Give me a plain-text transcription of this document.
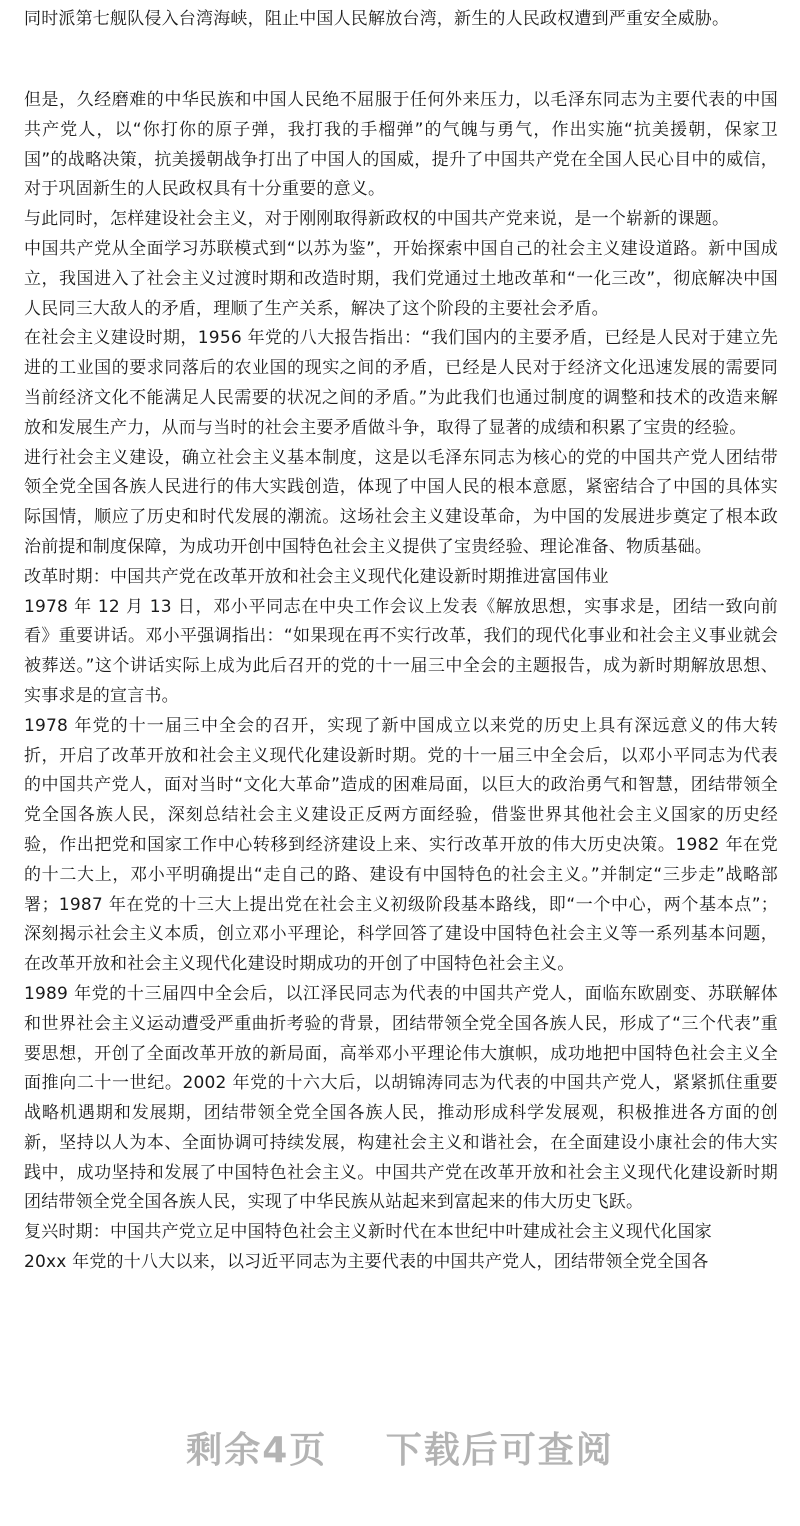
同时派第七舰队侵入台湾海峡，阻止中国人民解放台湾，新生的人民政权遭到严重安全威胁。

但是，久经磨难的中华民族和中国人民绝不屈服于任何外来压力，以毛泽东同志为主要代表的中国共产党人，以“你打你的原子弹，我打我的手榴弹”的气魄与勇气，作出实施“抗美援朝，保家卫国”的战略决策，抗美援朝战争打出了中国人的国威，提升了中国共产党在全国人民心目中的威信，对于巩固新生的人民政权具有十分重要的意义。

与此同时，怎样建设社会主义，对于刚刚取得新政权的中国共产党来说，是一个崭新的课题。

中国共产党从全面学习苏联模式到“以苏为鉴”，开始探索中国自己的社会主义建设道路。新中国成立，我国进入了社会主义过渡时期和改造时期，我们党通过土地改革和“一化三改”，彻底解决中国人民同三大敌人的矛盾，理顺了生产关系，解决了这个阶段的主要社会矛盾。

在社会主义建设时期，1956 年党的八大报告指出：“我们国内的主要矛盾，已经是人民对于建立先进的工业国的要求同落后的农业国的现实之间的矛盾，已经是人民对于经济文化迅速发展的需要同当前经济文化不能满足人民需要的状况之间的矛盾。”为此我们也通过制度的调整和技术的改造来解放和发展生产力，从而与当时的社会主要矛盾做斗争，取得了显著的成绩和积累了宝贵的经验。

进行社会主义建设，确立社会主义基本制度，这是以毛泽东同志为核心的党的中国共产党人团结带领全党全国各族人民进行的伟大实践创造，体现了中国人民的根本意愿，紧密结合了中国的具体实际国情，顺应了历史和时代发展的潮流。这场社会主义建设革命，为中国的发展进步奠定了根本政治前提和制度保障，为成功开创中国特色社会主义提供了宝贵经验、理论准备、物质基础。

改革时期：中国共产党在改革开放和社会主义现代化建设新时期推进富国伟业

1978 年 12 月 13 日，邓小平同志在中央工作会议上发表《解放思想，实事求是，团结一致向前看》重要讲话。邓小平强调指出：“如果现在再不实行改革，我们的现代化事业和社会主义事业就会被葬送。”这个讲话实际上成为此后召开的党的十一届三中全会的主题报告，成为新时期解放思想、实事求是的宣言书。

1978 年党的十一届三中全会的召开，实现了新中国成立以来党的历史上具有深远意义的伟大转折，开启了改革开放和社会主义现代化建设新时期。党的十一届三中全会后，以邓小平同志为代表的中国共产党人，面对当时“文化大革命”造成的困难局面，以巨大的政治勇气和智慧，团结带领全党全国各族人民，深刻总结社会主义建设正反两方面经验，借鉴世界其他社会主义国家的历史经验，作出把党和国家工作中心转移到经济建设上来、实行改革开放的伟大历史决策。1982 年在党的十二大上，邓小平明确提出“走自己的路、建设有中国特色的社会主义。”并制定“三步走”战略部署；1987 年在党的十三大上提出党在社会主义初级阶段基本路线，即“一个中心，两个基本点”；深刻揭示社会主义本质，创立邓小平理论，科学回答了建设中国特色社会主义等一系列基本问题，在改革开放和社会主义现代化建设时期成功的开创了中国特色社会主义。

1989 年党的十三届四中全会后，以江泽民同志为代表的中国共产党人，面临东欧剧变、苏联解体和世界社会主义运动遭受严重曲折考验的背景，团结带领全党全国各族人民，形成了“三个代表”重要思想，开创了全面改革开放的新局面，高举邓小平理论伟大旗帜，成功地把中国特色社会主义全面推向二十一世纪。2002 年党的十六大后，以胡锦涛同志为代表的中国共产党人，紧紧抓住重要战略机遇期和发展期，团结带领全党全国各族人民，推动形成科学发展观，积极推进各方面的创新，坚持以人为本、全面协调可持续发展，构建社会主义和谐社会，在全面建设小康社会的伟大实践中，成功坚持和发展了中国特色社会主义。中国共产党在改革开放和社会主义现代化建设新时期团结带领全党全国各族人民，实现了中华民族从站起来到富起来的伟大历史飞跃。

复兴时期：中国共产党立足中国特色社会主义新时代在本世纪中叶建成社会主义现代化国家

20xx 年党的十八大以来，以习近平同志为主要代表的中国共产党人，团结带领全党全国各

剩余4页 下载后可查阅
